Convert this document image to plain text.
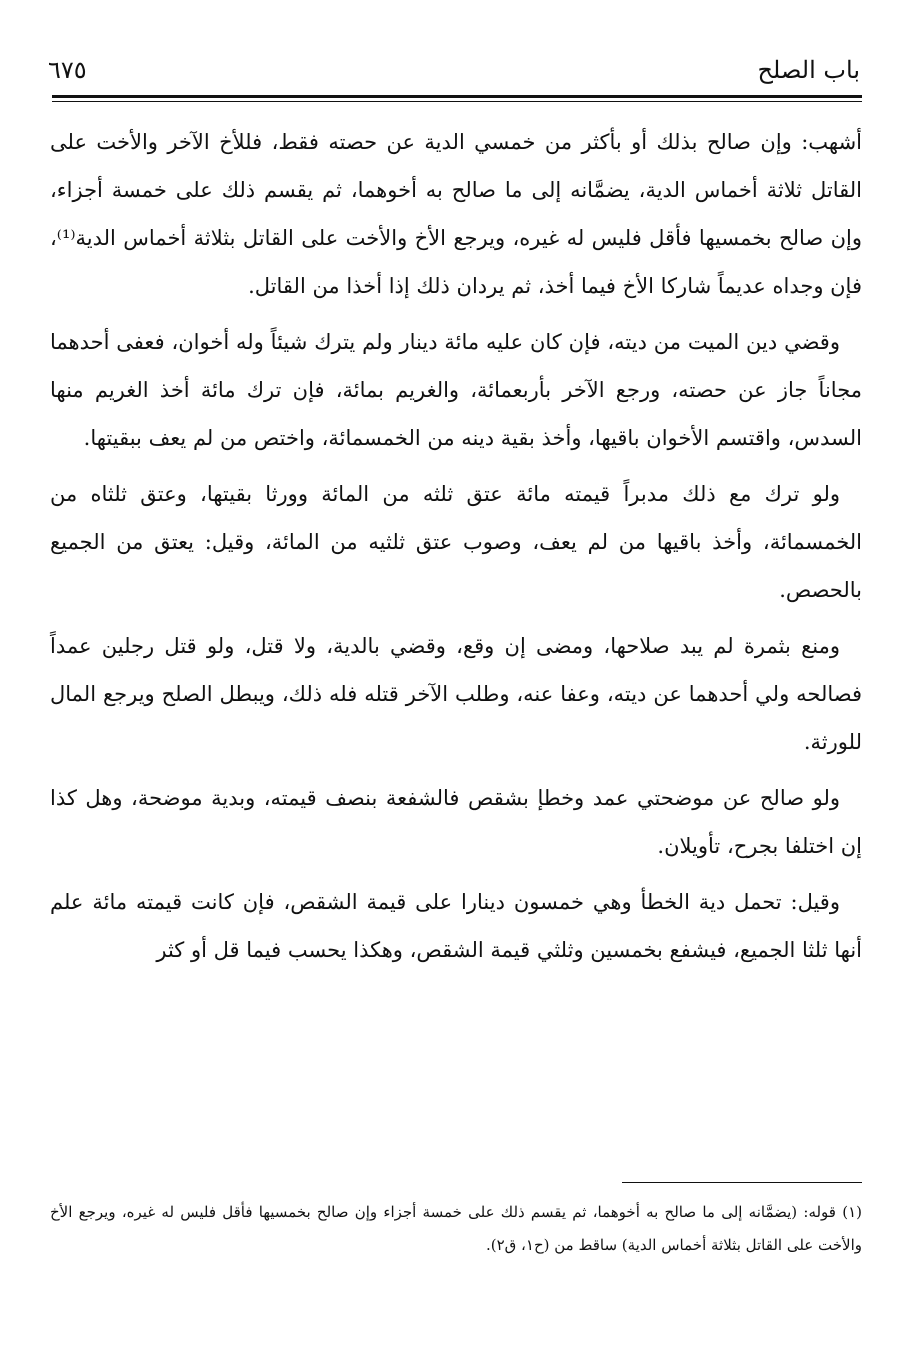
باب الصلح
٦٧٥

أشهب: وإن صالح بذلك أو بأكثر من خمسي الدية عن حصته فقط، فللأخ الآخر والأخت على القاتل ثلاثة أخماس الدية، يضمَّانه إلى ما صالح به أخوهما، ثم يقسم ذلك على خمسة أجزاء، وإن صالح بخمسيها فأقل فليس له غيره، ويرجع الأخ والأخت على القاتل بثلاثة أخماس الدية⁽¹⁾، فإن وجداه عديماً شاركا الأخ فيما أخذ، ثم يردان ذلك إذا أخذا من القاتل.

وقضي دين الميت من ديته، فإن كان عليه مائة دينار ولم يترك شيئاً وله أخوان، فعفى أحدهما مجاناً جاز عن حصته، ورجع الآخر بأربعمائة، والغريم بمائة، فإن ترك مائة أخذ الغريم منها السدس، واقتسم الأخوان باقيها، وأخذ بقية دينه من الخمسمائة، واختص من لم يعف ببقيتها.

ولو ترك مع ذلك مدبراً قيمته مائة عتق ثلثه من المائة وورثا بقيتها، وعتق ثلثاه من الخمسمائة، وأخذ باقيها من لم يعف، وصوب عتق ثلثيه من المائة، وقيل: يعتق من الجميع بالحصص.

ومنع بثمرة لم يبد صلاحها، ومضى إن وقع، وقضي بالدية، ولا قتل، ولو قتل رجلين عمداً فصالحه ولي أحدهما عن ديته، وعفا عنه، وطلب الآخر قتله فله ذلك، ويبطل الصلح ويرجع المال للورثة.

ولو صالح عن موضحتي عمد وخطإ بشقص فالشفعة بنصف قيمته، وبدية موضحة، وهل كذا إن اختلفا بجرح، تأويلان.

وقيل: تحمل دية الخطأ وهي خمسون دينارا على قيمة الشقص، فإن كانت قيمته مائة علم أنها ثلثا الجميع، فيشفع بخمسين وثلثي قيمة الشقص، وهكذا يحسب فيما قل أو كثر

(١) قوله: (يضمَّانه إلى ما صالح به أخوهما، ثم يقسم ذلك على خمسة أجزاء وإن صالح بخمسيها فأقل فليس له غيره، ويرجع الأخ والأخت على القاتل بثلاثة أخماس الدية) ساقط من (ح١، ق٢).
